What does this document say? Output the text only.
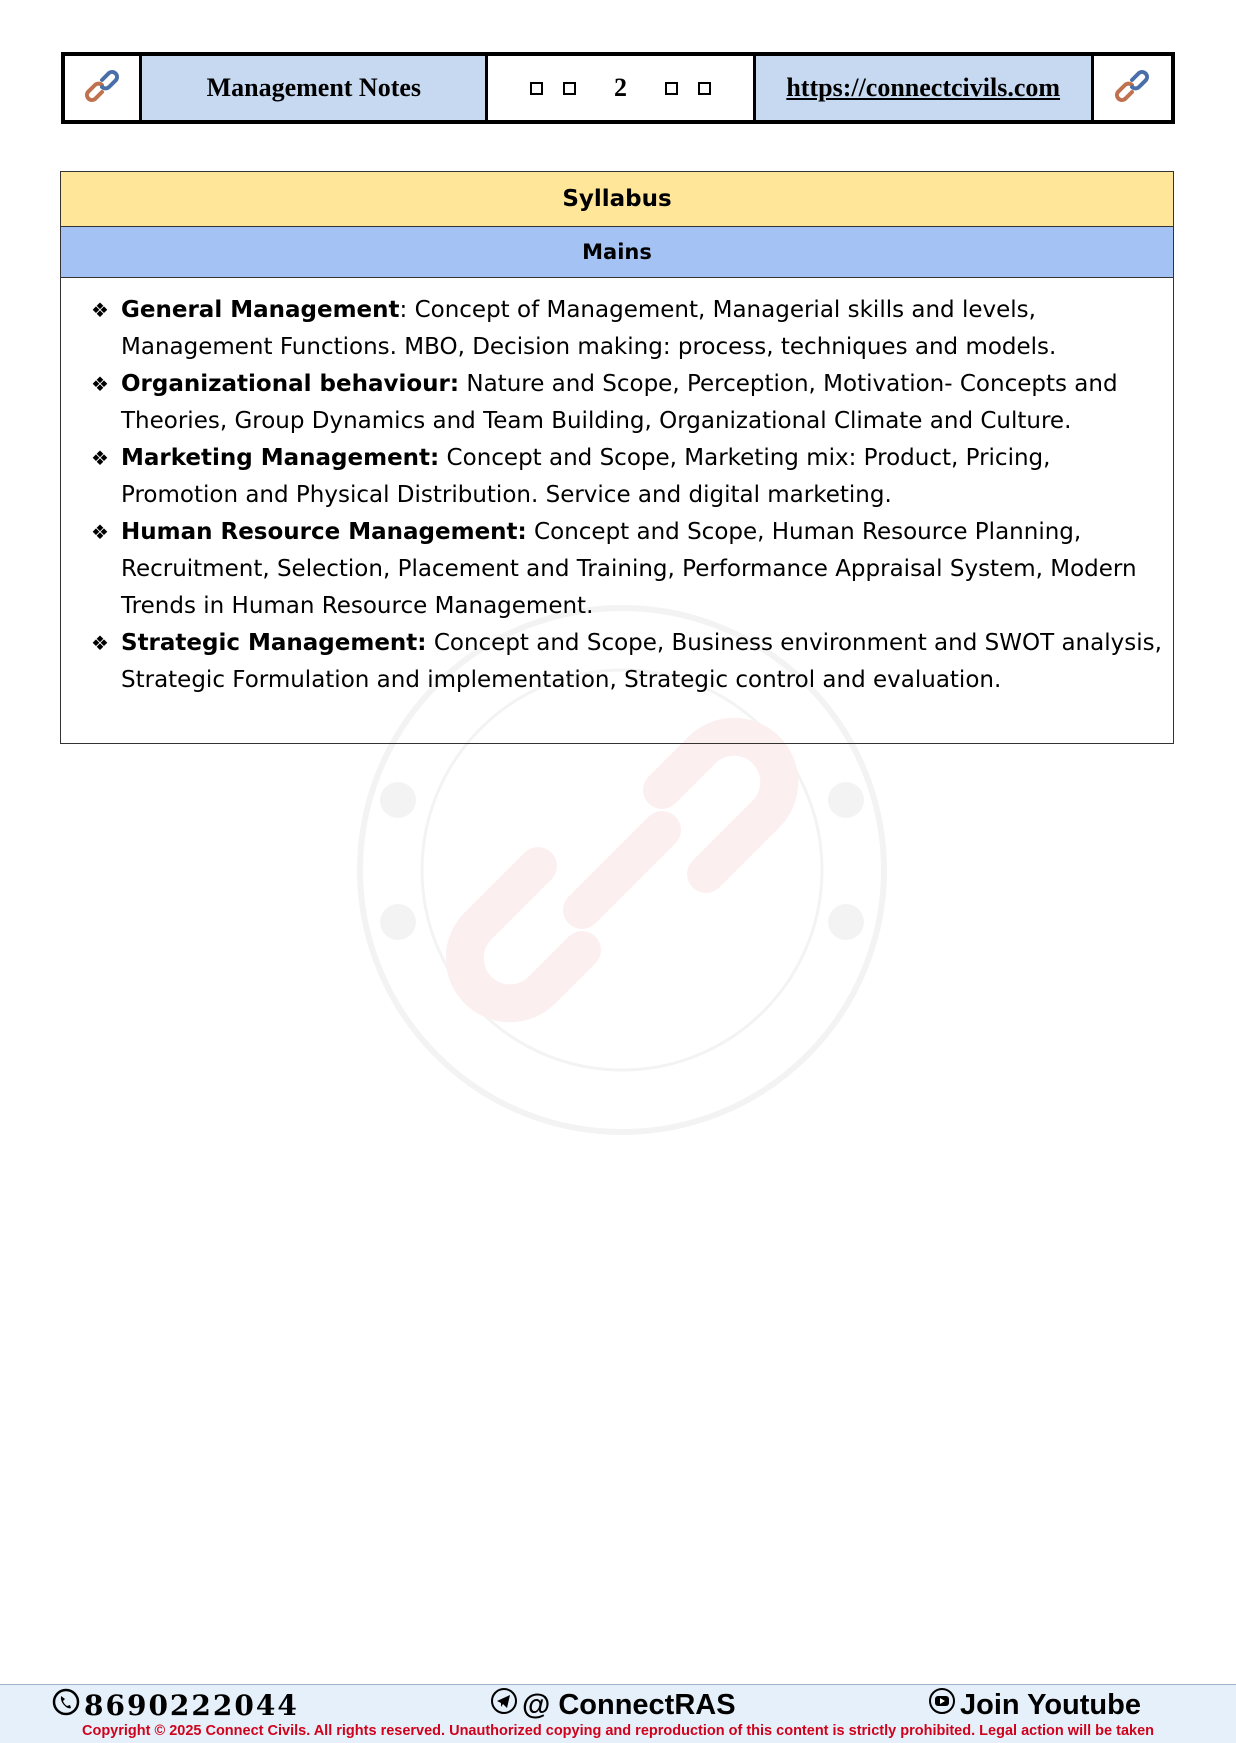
Management Notes	2	https://connectcivils.com
Syllabus
Mains
❖ General Management: Concept of Management, Managerial skills and levels, Management Functions. MBO, Decision making: process, techniques and models.
❖ Organizational behaviour: Nature and Scope, Perception, Motivation- Concepts and Theories, Group Dynamics and Team Building, Organizational Climate and Culture.
❖ Marketing Management: Concept and Scope, Marketing mix: Product, Pricing, Promotion and Physical Distribution. Service and digital marketing.
❖ Human Resource Management: Concept and Scope, Human Resource Planning, Recruitment, Selection, Placement and Training, Performance Appraisal System, Modern Trends in Human Resource Management.
❖ Strategic Management: Concept and Scope, Business environment and SWOT analysis, Strategic Formulation and implementation, Strategic control and evaluation.
8690222044	@ ConnectRAS	Join Youtube
Copyright © 2025 Connect Civils. All rights reserved. Unauthorized copying and reproduction of this content is strictly prohibited. Legal action will be taken
